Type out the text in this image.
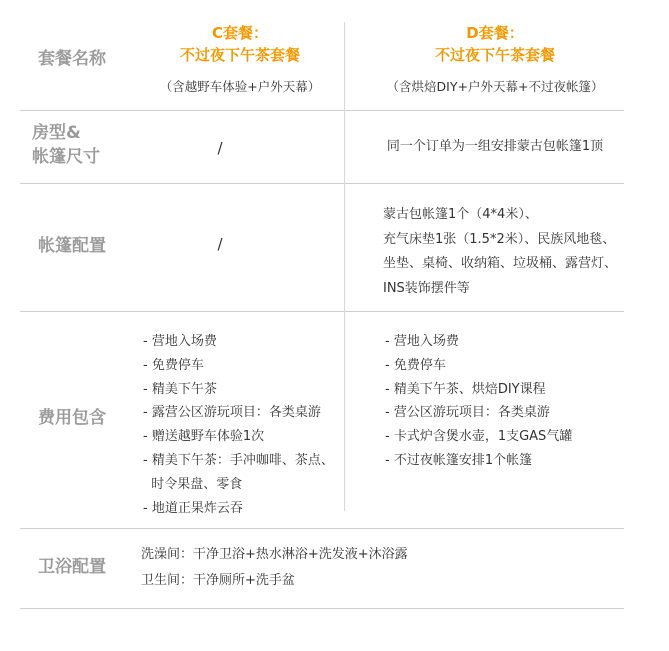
套餐名称
房型&
帐篷尺寸
帐篷配置
费用包含
卫浴配置
C套餐：
不过夜下午茶套餐
（含越野车体验+户外天幕）
D套餐：
不过夜下午茶套餐
（含烘焙DIY+户外天幕+不过夜帐篷）
/	同一个订单为一组安排蒙古包帐篷1顶
/
蒙古包帐篷1个（4*4米）、
充气床垫1张（1.5*2米）、民族风地毯、
坐垫、桌椅、收纳箱、垃圾桶、露营灯、
INS装饰摆件等
- 营地入场费
- 免费停车
- 精美下午茶
- 露营公区游玩项目：各类桌游
- 赠送越野车体验1次
- 精美下午茶：手冲咖啡、茶点、
时令果盘、零食
- 地道正果炸云吞
- 营地入场费
- 免费停车
- 精美下午茶、烘焙DIY课程
- 营公区游玩项目：各类桌游
- 卡式炉含煲水壶，1支GAS气罐
- 不过夜帐篷安排1个帐篷
洗澡间：干净卫浴+热水淋浴+洗发液+沐浴露
卫生间：干净厕所+洗手盆
